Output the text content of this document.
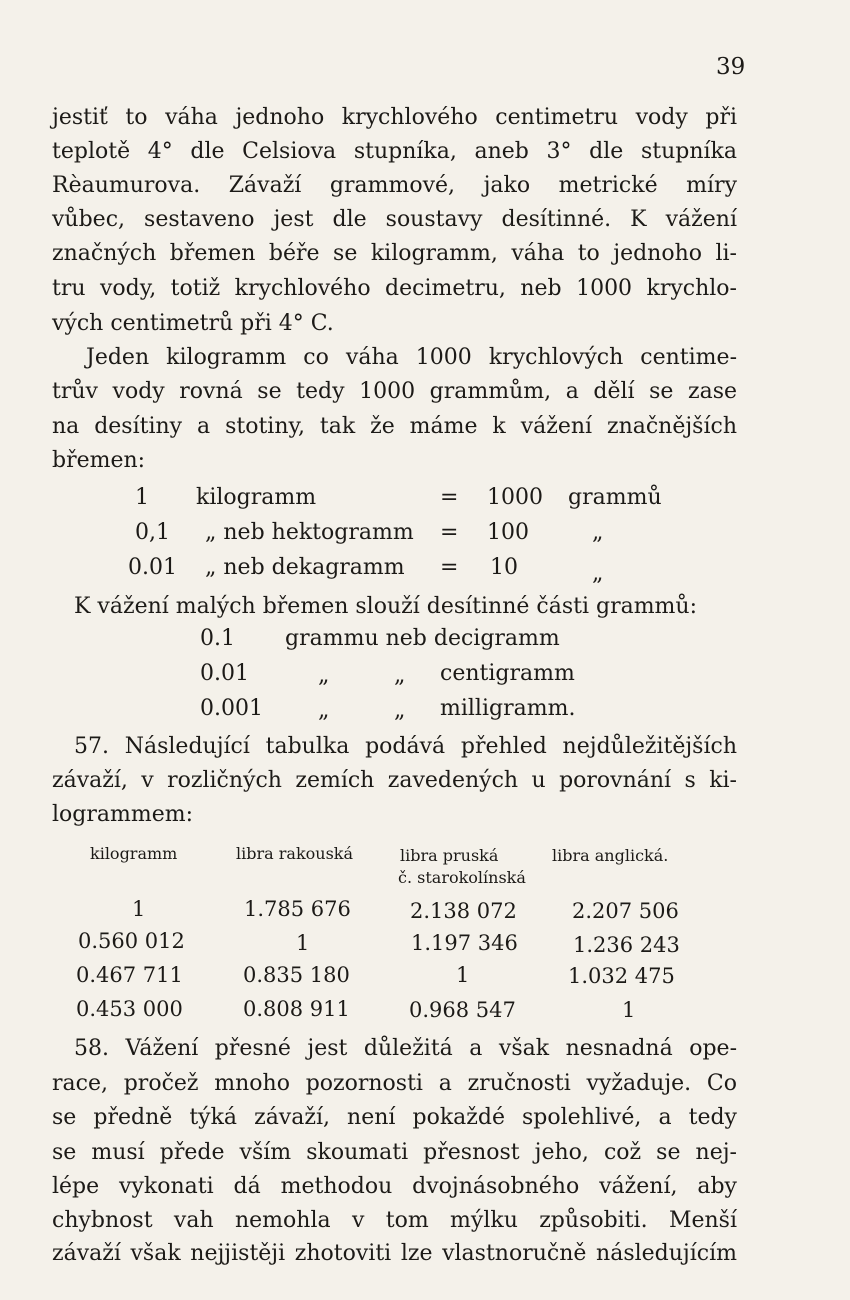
39
jestiť to váha jednoho krychlového centimetru vody při
teplotě 4° dle Celsiova stupníka, aneb 3° dle stupníka
Rèaumurova. Závaží grammové, jako metrické míry
vůbec, sestaveno jest dle soustavy desítinné. K vážení
značných břemen béře se kilogramm, váha to jednoho li-
tru vody, totiž krychlového decimetru, neb 1000 krychlo-
vých centimetrů při 4° C.
Jeden kilogramm co váha 1000 krychlových centime-
trův vody rovná se tedy 1000 grammům, a dělí se zase
na desítiny a stotiny, tak že máme k vážení značnějších
břemen:
1 kilogramm	= 1000 grammů
0,1 „ neb hektogramm = 100	„
0.01 „ neb dekagramm = 10	„
K vážení malých břemen slouží desítinné části grammů:
0.1 grammu neb decigramm
0.01	„	„ centigramm
0.001	„	„ milligramm.
57. Následující tabulka podává přehled nejdůležitějších
závaží, v rozličných zemích zavedených u porovnání s ki-
logrammem:
kilogramm	libra rakouská	libra pruská	libra anglická.
č. starokolínská
1	1.785 676	2.138 072	2.207 506
0.560 012	1	1.197 346	1.236 243
0.467 711	0.835 180	1	1.032 475
0.453 000	0.808 911	0.968 547	1
58. Vážení přesné jest důležitá a však nesnadná ope-
race, pročež mnoho pozornosti a zručnosti vyžaduje. Co
se předně týká závaží, není pokaždé spolehlivé, a tedy
se musí přede vším skoumati přesnost jeho, což se nej-
lépe vykonati dá methodou dvojnásobného vážení, aby
chybnost vah nemohla v tom mýlku způsobiti. Menší
závaží však nejjistěji zhotoviti lze vlastnoručně následujícím
